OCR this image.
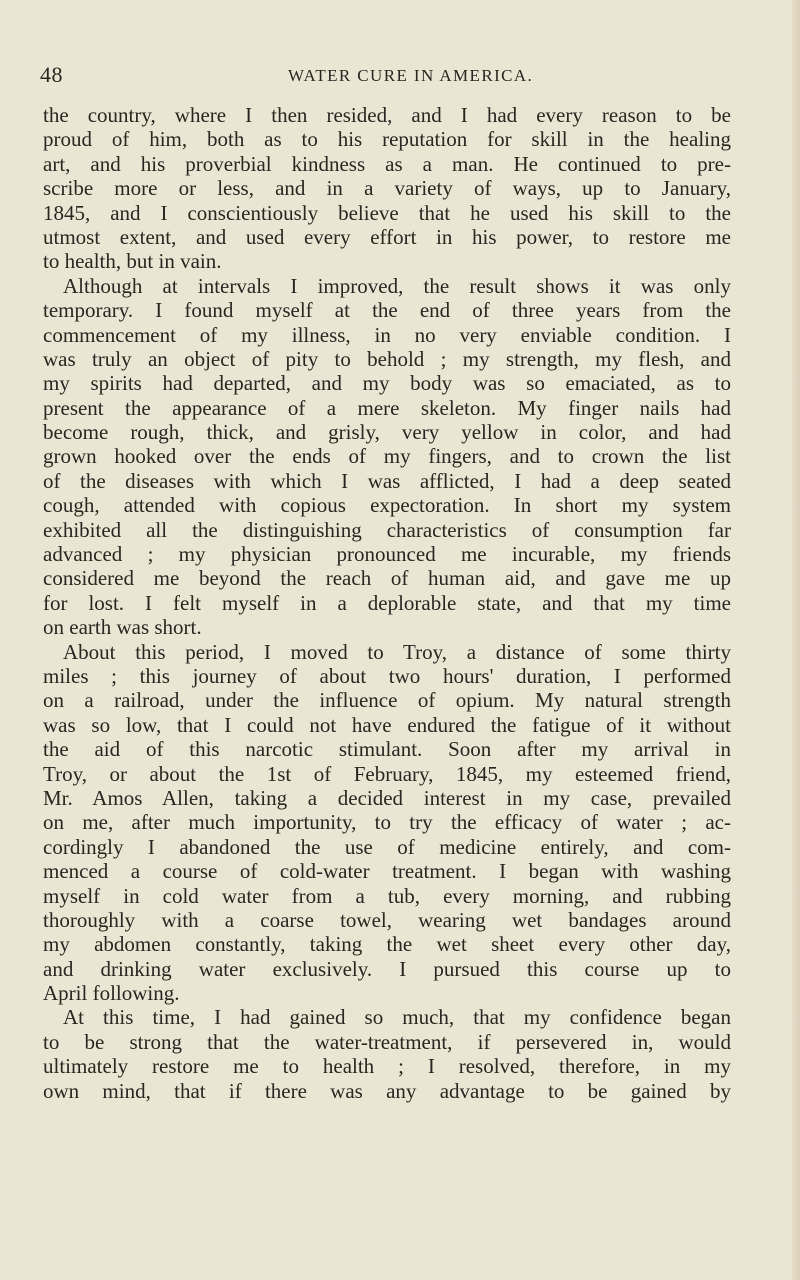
48	WATER CURE IN AMERICA.
the country, where I then resided, and I had every reason to be
proud of him, both as to his reputation for skill in the healing
art, and his proverbial kindness as a man. He continued to pre-
scribe more or less, and in a variety of ways, up to January,
1845, and I conscientiously believe that he used his skill to the
utmost extent, and used every effort in his power, to restore me
to health, but in vain.
Although at intervals I improved, the result shows it was only
temporary. I found myself at the end of three years from the
commencement of my illness, in no very enviable condition. I
was truly an object of pity to behold ; my strength, my flesh, and
my spirits had departed, and my body was so emaciated, as to
present the appearance of a mere skeleton. My finger nails had
become rough, thick, and grisly, very yellow in color, and had
grown hooked over the ends of my fingers, and to crown the list
of the diseases with which I was afflicted, I had a deep seated
cough, attended with copious expectoration. In short my system
exhibited all the distinguishing characteristics of consumption far
advanced ; my physician pronounced me incurable, my friends
considered me beyond the reach of human aid, and gave me up
for lost. I felt myself in a deplorable state, and that my time
on earth was short.
About this period, I moved to Troy, a distance of some thirty
miles ; this journey of about two hours' duration, I performed
on a railroad, under the influence of opium. My natural strength
was so low, that I could not have endured the fatigue of it without
the aid of this narcotic stimulant. Soon after my arrival in
Troy, or about the 1st of February, 1845, my esteemed friend,
Mr. Amos Allen, taking a decided interest in my case, prevailed
on me, after much importunity, to try the efficacy of water ; ac-
cordingly I abandoned the use of medicine entirely, and com-
menced a course of cold-water treatment. I began with washing
myself in cold water from a tub, every morning, and rubbing
thoroughly with a coarse towel, wearing wet bandages around
my abdomen constantly, taking the wet sheet every other day,
and drinking water exclusively. I pursued this course up to
April following.
At this time, I had gained so much, that my confidence began
to be strong that the water-treatment, if persevered in, would
ultimately restore me to health ; I resolved, therefore, in my
own mind, that if there was any advantage to be gained by
